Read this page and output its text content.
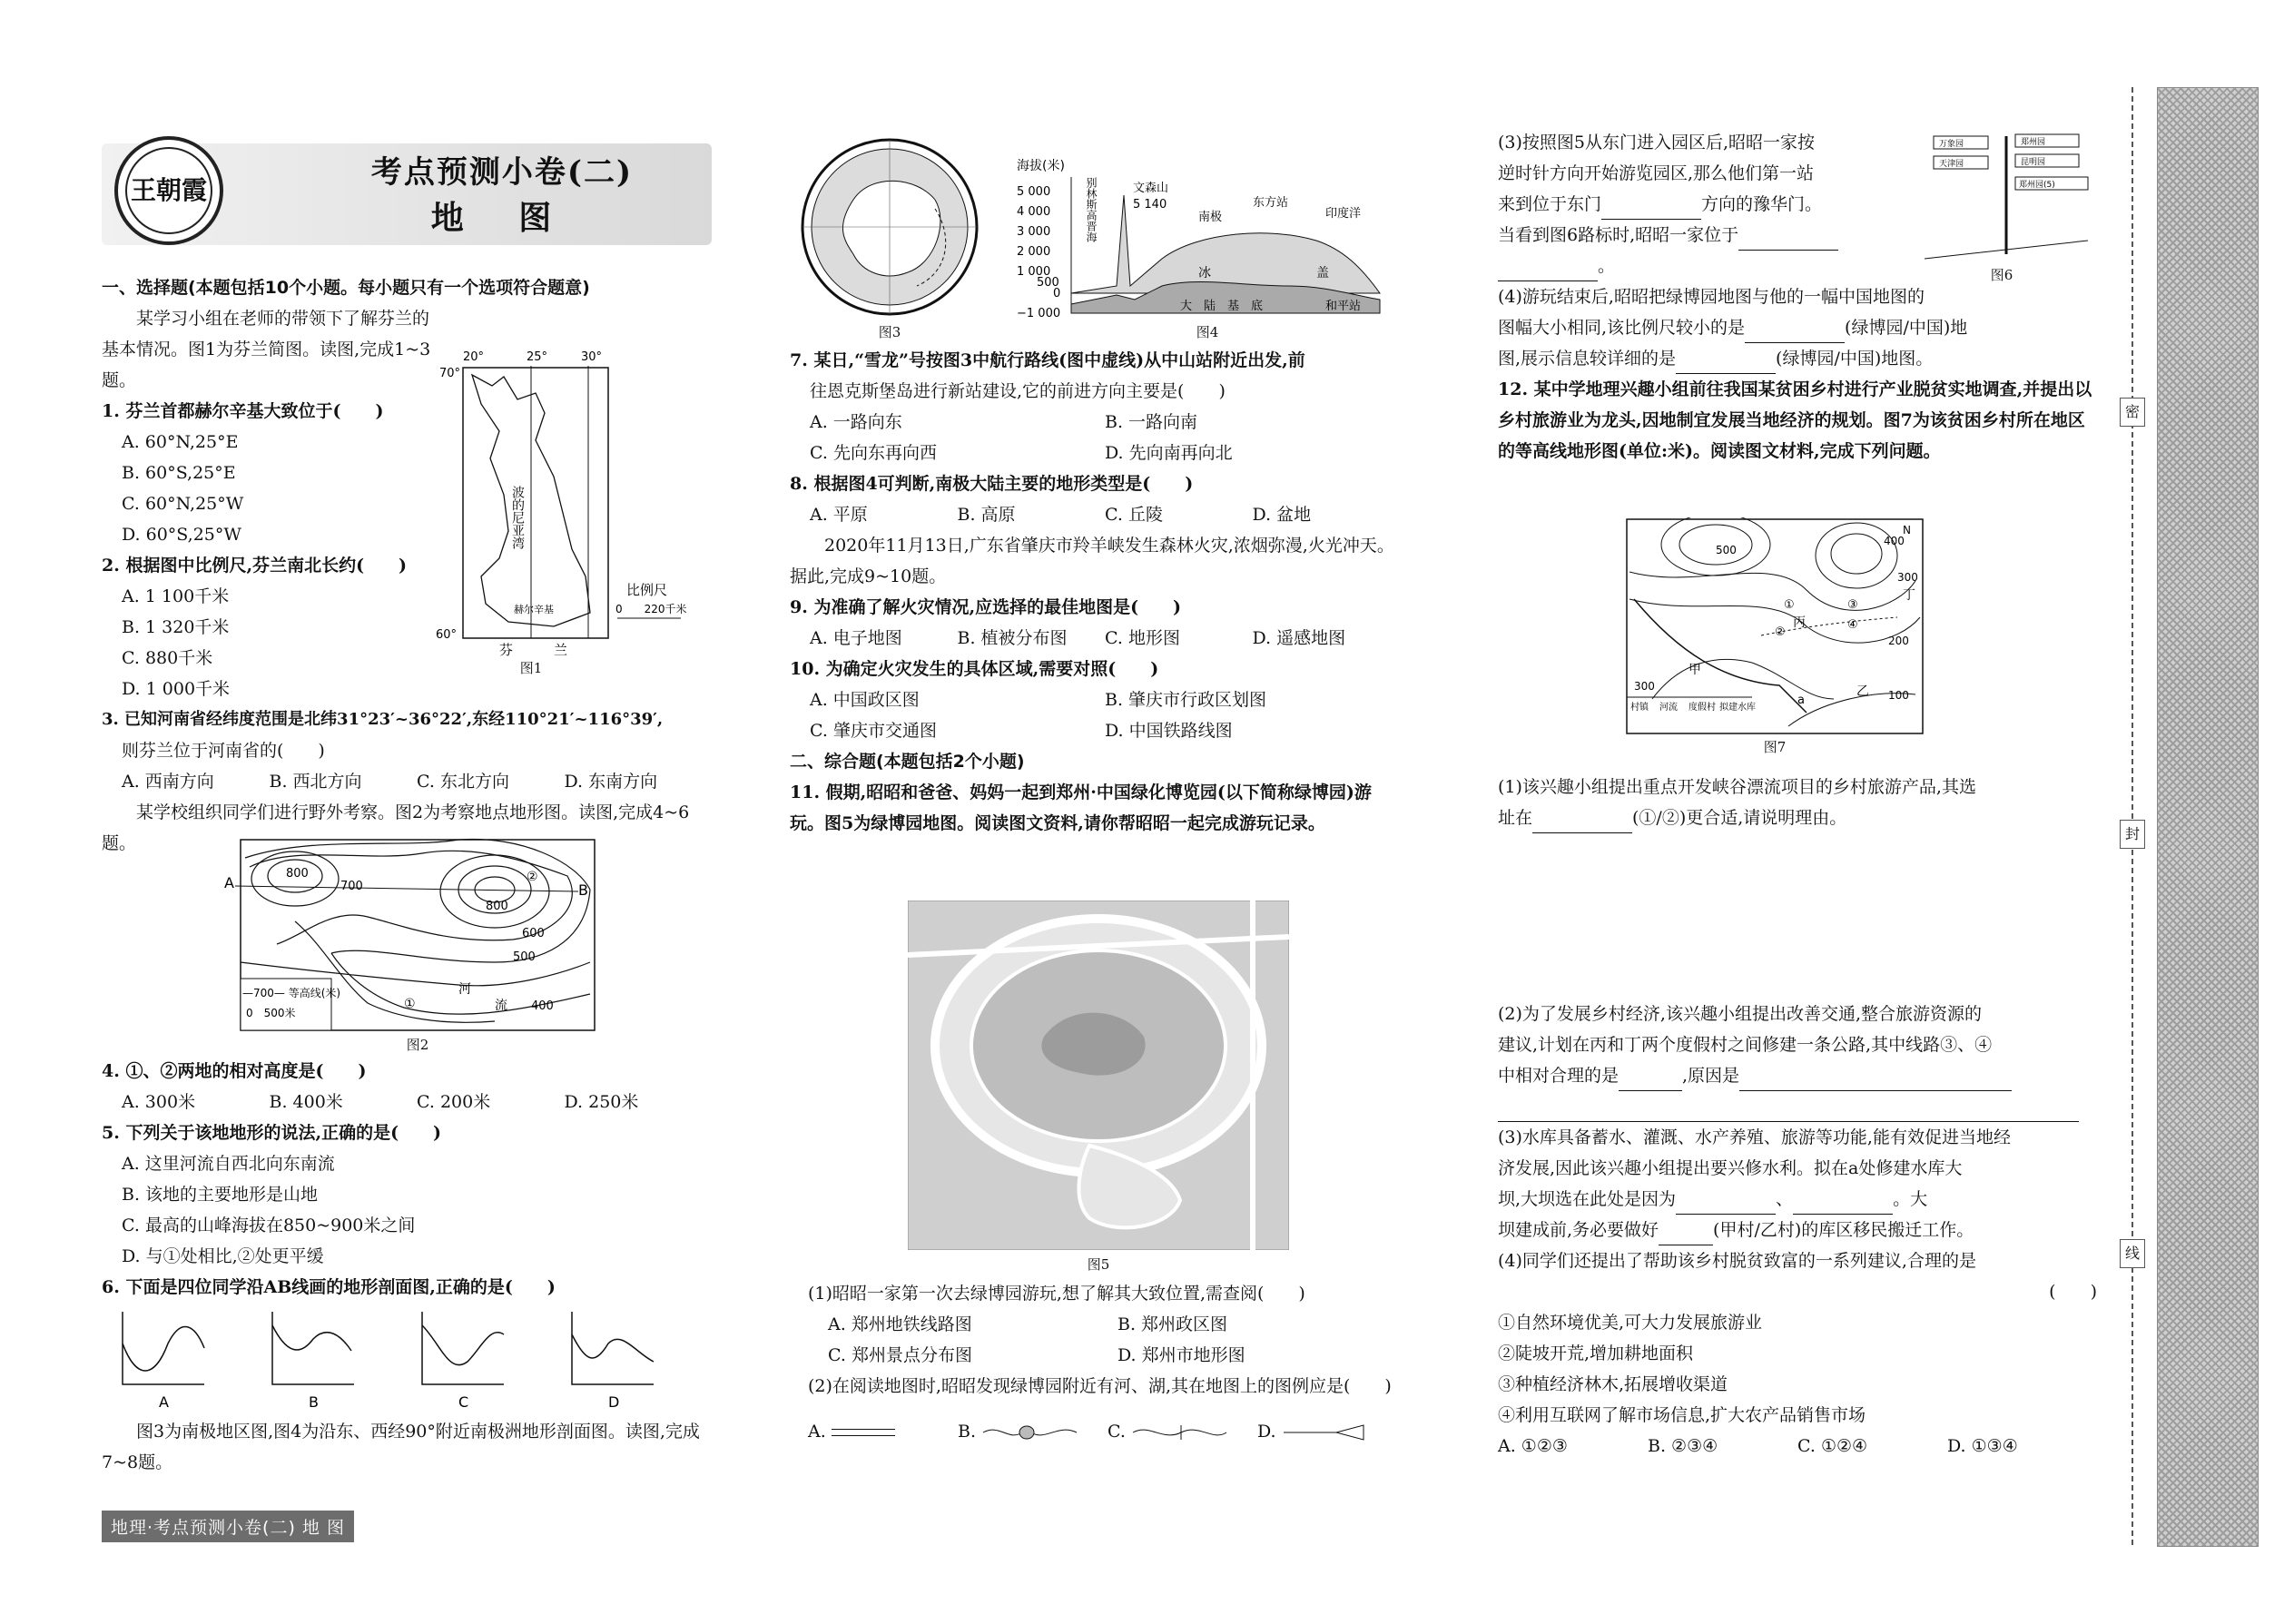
王朝霞	考点预测小卷(二)
地 图

一、选择题(本题包括10个小题。每小题只有一个选项符合题意)

某学习小组在老师的带领下了解芬兰的基本情况。图1为芬兰简图。读图,完成1~3题。

1. 芬兰首都赫尔辛基大致位于(　　)

A. 60°N,25°E

B. 60°S,25°E

C. 60°N,25°W

D. 60°S,25°W

2. 根据图中比例尺,芬兰南北长约(　　)

A. 1 100千米

B. 1 320千米

C. 880千米

D. 1 000千米

3. 已知河南省经纬度范围是北纬31°23′~36°22′,东经110°21′~116°39′,

则芬兰位于河南省的(　　)

A. 西南方向	B. 西北方向	C. 东北方向	D. 东南方向

某学校组织同学们进行野外考察。图2为考察地点地形图。读图,完成4~6题。

20°	25°	30°
70°
60°
波的尼亚湾
赫尔辛基
芬	兰
比例尺
0　　220千米
图1
A	B
800
800
700
600
500
400
河
流
①
②
—700— 等高线(米)
0　500米
图2

4. ①、②两地的相对高度是(　　)

A. 300米	B. 400米	C. 200米	D. 250米

5. 下列关于该地地形的说法,正确的是(　　)

A. 这里河流自西北向东南流

B. 该地的主要地形是山地

C. 最高的山峰海拔在850~900米之间

D. 与①处相比,②处更平缓

6. 下面是四位同学沿AB线画的地形剖面图,正确的是(　　)

A	B	C	D

图3为南极地区图,图4为沿东、西经90°附近南极洲地形剖面图。读图,完成7~8题。

地理·考点预测小卷(二) 地 图
图3
海拔(米)
5 000
4 000
3 000
2 000
1 000
500
0
−1 000
别林斯高晋海	文森山
5 140
南极
东方站
印度洋
冰	盖
大　陆　基　底	和平站
图4

7. 某日,“雪龙”号按图3中航行路线(图中虚线)从中山站附近出发,前

往恩克斯堡岛进行新站建设,它的前进方向主要是(　　)

A. 一路向东	B. 一路向南
C. 先向东再向西	D. 先向南再向北

8. 根据图4可判断,南极大陆主要的地形类型是(　　)

A. 平原	B. 高原	C. 丘陵	D. 盆地

2020年11月13日,广东省肇庆市羚羊峡发生森林火灾,浓烟弥漫,火光冲天。据此,完成9~10题。

9. 为准确了解火灾情况,应选择的最佳地图是(　　)

A. 电子地图	B. 植被分布图	C. 地形图	D. 遥感地图

10. 为确定火灾发生的具体区域,需要对照(　　)

A. 中国政区图	B. 肇庆市行政区划图
C. 肇庆市交通图	D. 中国铁路线图

二、综合题(本题包括2个小题)

11. 假期,昭昭和爸爸、妈妈一起到郑州·中国绿化博览园(以下简称绿博园)游玩。图5为绿博园地图。阅读图文资料,请你帮昭昭一起完成游玩记录。

图5

(1)昭昭一家第一次去绿博园游玩,想了解其大致位置,需查阅(　　)

A. 郑州地铁线路图	B. 郑州政区图
C. 郑州景点分布图	D. 郑州市地形图

(2)在阅读地图时,昭昭发现绿博园附近有河、湖,其在地图上的图例应是(　　)

A.	B.	C.	D.

(3)按照图5从东门进入园区后,昭昭一家按

逆时针方向开始游览园区,那么他们第一站

来到位于东门	方向的豫华门。

当看到图6路标时,昭昭一家位于

。

(4)游玩结束后,昭昭把绿博园地图与他的一幅中国地图的

图幅大小相同,该比例尺较小的是	(绿博园/中国)地

图,展示信息较详细的是	(绿博园/中国)地图。

12. 某中学地理兴趣小组前往我国某贫困乡村进行产业脱贫实地调查,并提出以乡村旅游业为龙头,因地制宜发展当地经济的规划。图7为该贫困乡村所在地区的等高线地形图(单位:米)。阅读图文材料,完成下列问题。

万象园	郑州园
天津园	昆明园
郑州园(5)
图6
500
400
300
300
200
100
甲
乙
丙
丁
①
②
③
④
a
N
村镇 河流 度假村 拟建水库
图7

(1)该兴趣小组提出重点开发峡谷漂流项目的乡村旅游产品,其选

址在	(①/②)更合适,请说明理由。

(2)为了发展乡村经济,该兴趣小组提出改善交通,整合旅游资源的

建议,计划在丙和丁两个度假村之间修建一条公路,其中线路③、④

中相对合理的是	,原因是

(3)水库具备蓄水、灌溉、水产养殖、旅游等功能,能有效促进当地经

济发展,因此该兴趣小组提出要兴修水利。拟在a处修建水库大

坝,大坝选在此处是因为	、	。大

坝建成前,务必要做好	(甲村/乙村)的库区移民搬迁工作。

(4)同学们还提出了帮助该乡村脱贫致富的一系列建议,合理的是

(　　)

①自然环境优美,可大力发展旅游业

②陡坡开荒,增加耕地面积

③种植经济林木,拓展增收渠道

④利用互联网了解市场信息,扩大农产品销售市场

A. ①②③	B. ②③④	C. ①②④	D. ①③④
密
封
线
